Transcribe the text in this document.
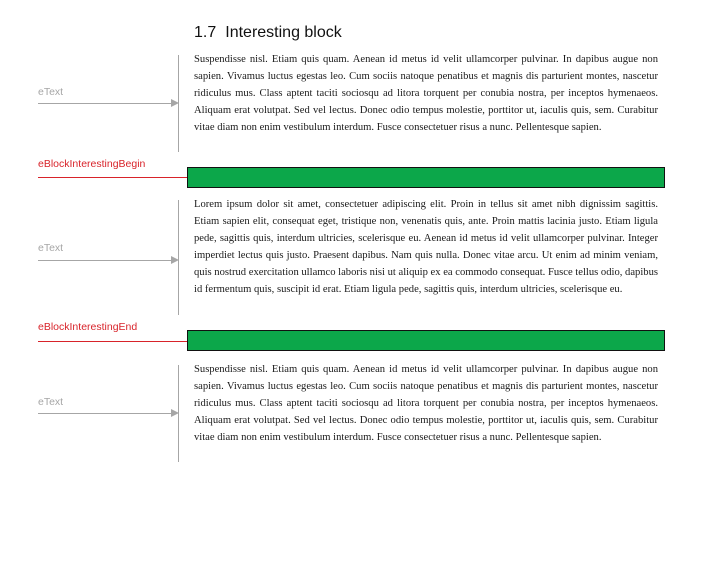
1.7 Interesting block

Suspendisse nisl. Etiam quis quam. Aenean id metus id velit ullamcorper pulvinar. In dapibus augue non sapien. Vivamus luctus egestas leo. Cum sociis natoque penatibus et magnis dis parturient montes, nascetur ridiculus mus. Class aptent taciti sociosqu ad litora torquent per conubia nostra, per inceptos hymenaeos. Aliquam erat volutpat. Sed vel lectus. Donec odio tempus molestie, porttitor ut, iaculis quis, sem. Curabitur vitae diam non enim vestibulum interdum. Fusce consectetuer risus a nunc. Pellentesque sapien.

eText
eBlockInterestingBegin

Lorem ipsum dolor sit amet, consectetuer adipiscing elit. Proin in tellus sit amet nibh dignissim sagittis. Etiam sapien elit, consequat eget, tristique non, venenatis quis, ante. Proin mattis lacinia justo. Etiam ligula pede, sagittis quis, interdum ultricies, scelerisque eu. Aenean id metus id velit ullamcorper pulvinar. Integer imperdiet lectus quis justo. Praesent dapibus. Nam quis nulla. Donec vitae arcu. Ut enim ad minim veniam, quis nostrud exercitation ullamco laboris nisi ut aliquip ex ea commodo consequat. Fusce tellus odio, dapibus id fermentum quis, suscipit id erat. Etiam ligula pede, sagittis quis, interdum ultricies, scelerisque eu.

eText
eBlockInterestingEnd

Suspendisse nisl. Etiam quis quam. Aenean id metus id velit ullamcorper pulvinar. In dapibus augue non sapien. Vivamus luctus egestas leo. Cum sociis natoque penatibus et magnis dis parturient montes, nascetur ridiculus mus. Class aptent taciti sociosqu ad litora torquent per conubia nostra, per inceptos hymenaeos. Aliquam erat volutpat. Sed vel lectus. Donec odio tempus molestie, porttitor ut, iaculis quis, sem. Curabitur vitae diam non enim vestibulum interdum. Fusce consectetuer risus a nunc. Pellentesque sapien.

eText
